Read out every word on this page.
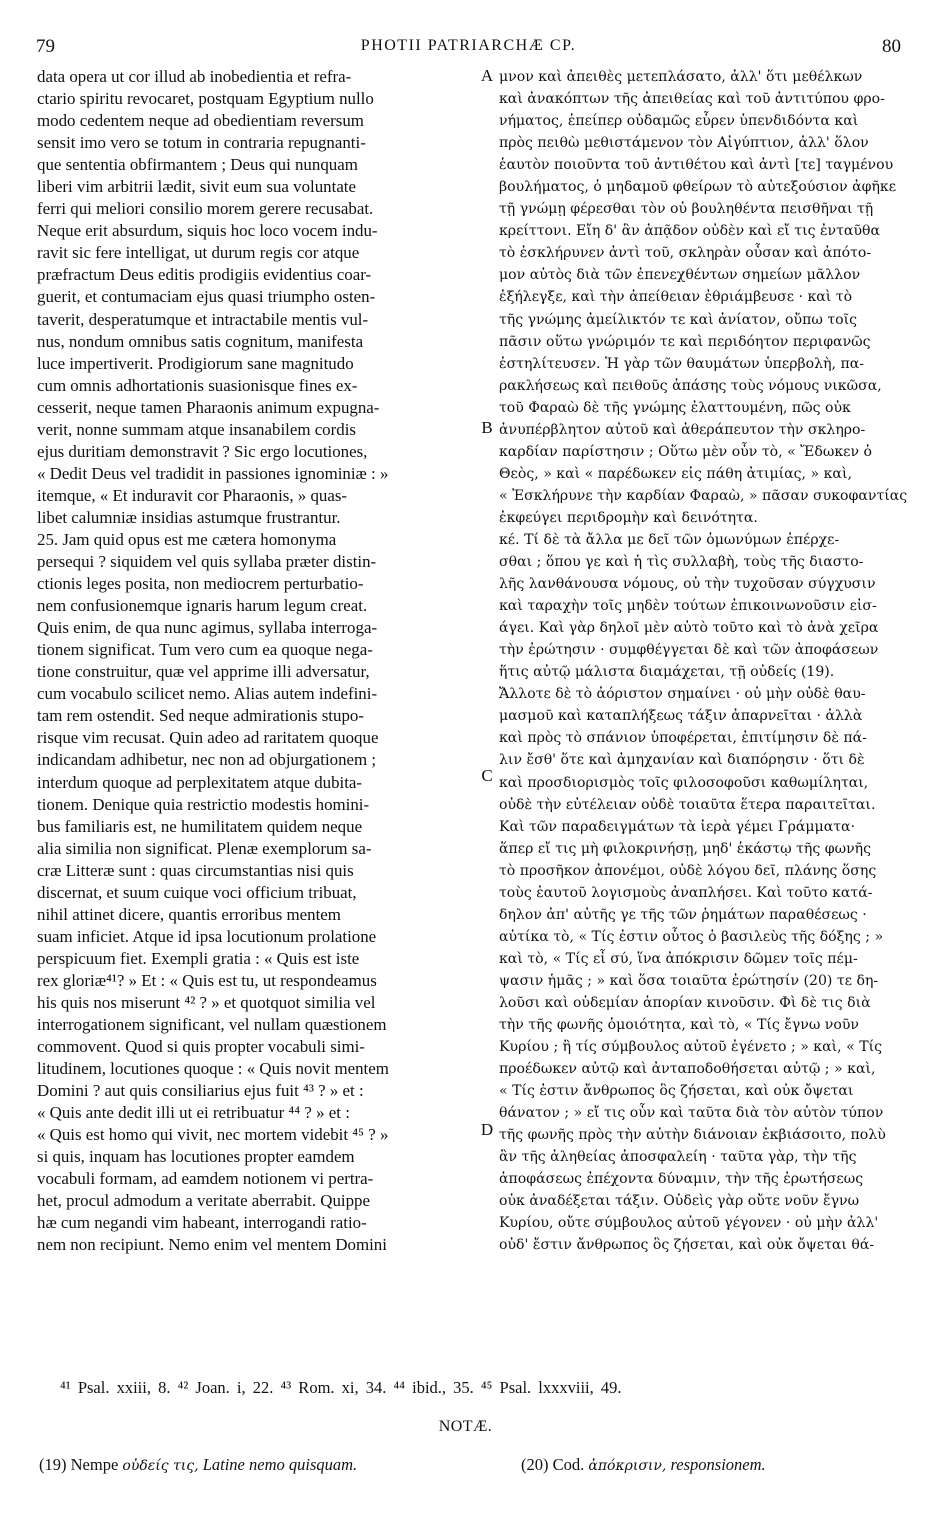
79	PHOTII PATRIARCHÆ CP.	80
data opera ut cor illud ab inobedientia et refra-
ctario spiritu revocaret, postquam Egyptium nullo
modo cedentem neque ad obedientiam reversum
sensit imo vero se totum in contraria repugnanti-
que sententia obfirmantem ; Deus qui nunquam
liberi vim arbitrii lædit, sivit eum sua voluntate
ferri qui meliori consilio morem gerere recusabat.
Neque erit absurdum, siquis hoc loco vocem indu-
ravit sic fere intelligat, ut durum regis cor atque
præfractum Deus editis prodigiis evidentius coar-
guerit, et contumaciam ejus quasi triumpho osten-
taverit, desperatumque et intractabile mentis vul-
nus, nondum omnibus satis cognitum, manifesta
luce impertiverit. Prodigiorum sane magnitudo
cum omnis adhortationis suasionisque fines ex-
cesserit, neque tamen Pharaonis animum expugna-
verit, nonne summam atque insanabilem cordis
ejus duritiam demonstravit ? Sic ergo locutiones,
« Dedit Deus vel tradidit in passiones ignominiæ : »
itemque, « Et induravit cor Pharaonis, » quas-
libet calumniæ insidias astumque frustrantur.
25. Jam quid opus est me cætera homonyma
persequi ? siquidem vel quis syllaba præter distin-
ctionis leges posita, non mediocrem perturbatio-
nem confusionemque ignaris harum legum creat.
Quis enim, de qua nunc agimus, syllaba interroga-
tionem significat. Tum vero cum ea quoque nega-
tione construitur, quæ vel apprime illi adversatur,
cum vocabulo scilicet nemo. Alias autem indefini-
tam rem ostendit. Sed neque admirationis stupo-
risque vim recusat. Quin adeo ad raritatem quoque
indicandam adhibetur, nec non ad objurgationem ;
interdum quoque ad perplexitatem atque dubita-
tionem. Denique quia restrictio modestis homini-
bus familiaris est, ne humilitatem quidem neque
alia similia non significat. Plenæ exemplorum sa-
cræ Litteræ sunt : quas circumstantias nisi quis
discernat, et suum cuique voci officium tribuat,
nihil attinet dicere, quantis erroribus mentem
suam inficiet. Atque id ipsa locutionum prolatione
perspicuum fiet. Exempli gratia : « Quis est iste
rex gloriæ⁴¹? » Et : « Quis est tu, ut respondeamus
his quis nos miserunt ⁴² ? » et quotquot similia vel
interrogationem significant, vel nullam quæstionem
commovent. Quod si quis propter vocabuli simi-
litudinem, locutiones quoque : « Quis novit mentem
Domini ? aut quis consiliarius ejus fuit ⁴³ ? » et :
« Quis ante dedit illi ut ei retribuatur ⁴⁴ ? » et :
« Quis est homo qui vivit, nec mortem videbit ⁴⁵ ? »
si quis, inquam has locutiones propter eamdem
vocabuli formam, ad eamdem notionem vi pertra-
het, procul admodum a veritate aberrabit. Quippe
hæ cum negandi vim habeant, interrogandi ratio-
nem non recipiunt. Nemo enim vel mentem Domini
μνον καὶ ἀπειθὲς μετεπλάσατο, ἀλλ' ὅτι μεθέλκων
καὶ ἀνακόπτων τῆς ἀπειθείας καὶ τοῦ ἀντιτύπου φρο-
νήματος, ἐπείπερ οὐδαμῶς εὗρεν ὑπενδιδόντα καὶ
πρὸς πειθὼ μεθιστάμενον τὸν Αἰγύπτιον, ἀλλ' ὅλον
ἑαυτὸν ποιοῦντα τοῦ ἀντιθέτου καὶ ἀντὶ [τε] ταγμένου
βουλήματος, ὁ μηδαμοῦ φθείρων τὸ αὐτεξούσιον ἀφῆκε
τῇ γνώμῃ φέρεσθαι τὸν οὐ βουληθέντα πεισθῆναι τῇ
κρείττονι. Εἴη δ' ἂν ἀπᾷδον οὐδὲν καὶ εἴ τις ἐνταῦθα
τὸ ἐσκλήρυνεν ἀντὶ τοῦ, σκληρὰν οὖσαν καὶ ἀπότο-
μον αὐτὸς διὰ τῶν ἐπενεχθέντων σημείων μᾶλλον
ἐξήλεγξε, καὶ τὴν ἀπείθειαν ἐθριάμβευσε · καὶ τὸ
τῆς γνώμης ἀμείλικτόν τε καὶ ἀνίατον, οὔπω τοῖς
πᾶσιν οὕτω γνώριμόν τε καὶ περιδόητον περιφανῶς
ἐστηλίτευσεν. Ἡ γὰρ τῶν θαυμάτων ὑπερβολὴ, πα-
ρακλήσεως καὶ πειθοῦς ἁπάσης τοὺς νόμους νικῶσα,
τοῦ Φαραὼ δὲ τῆς γνώμης ἐλαττουμένη, πῶς οὐκ
ἀνυπέρβλητον αὐτοῦ καὶ ἀθεράπευτον τὴν σκληρο-
καρδίαν παρίστησιν ; Οὕτω μὲν οὖν τὸ, « Ἔδωκεν ὁ
Θεὸς, » καὶ « παρέδωκεν εἰς πάθη ἀτιμίας, » καὶ,
« Ἐσκλήρυνε τὴν καρδίαν Φαραὼ, » πᾶσαν συκοφαντίας
ἐκφεύγει περιδρομὴν καὶ δεινότητα.
κέ. Τί δὲ τὰ ἄλλα με δεῖ τῶν ὁμωνύμων ἐπέρχε-
σθαι ; ὅπου γε καὶ ἡ τὶς συλλαβὴ, τοὺς τῆς διαστο-
λῆς λανθάνουσα νόμους, οὐ τὴν τυχοῦσαν σύγχυσιν
καὶ ταραχὴν τοῖς μηδὲν τούτων ἐπικοινωνοῦσιν εἰσ-
άγει. Καὶ γὰρ δηλοῖ μὲν αὐτὸ τοῦτο καὶ τὸ ἀνὰ χεῖρα
τὴν ἐρώτησιν · συμφθέγγεται δὲ καὶ τῶν ἀποφάσεων
ἥτις αὐτῷ μάλιστα διαμάχεται, τῇ οὐδείς (19).
Ἄλλοτε δὲ τὸ ἀόριστον σημαίνει · οὐ μὴν οὐδὲ θαυ-
μασμοῦ καὶ καταπλήξεως τάξιν ἀπαρνεῖται · ἀλλὰ
καὶ πρὸς τὸ σπάνιον ὑποφέρεται, ἐπιτίμησιν δὲ πά-
λιν ἔσθ' ὅτε καὶ ἀμηχανίαν καὶ διαπόρησιν · ὅτι δὲ
καὶ προσδιορισμὸς τοῖς φιλοσοφοῦσι καθωμίληται,
οὐδὲ τὴν εὐτέλειαν οὐδὲ τοιαῦτα ἕτερα παραιτεῖται.
Καὶ τῶν παραδειγμάτων τὰ ἱερὰ γέμει Γράμματα·
ἅπερ εἴ τις μὴ φιλοκρινήσῃ, μηδ' ἑκάστῳ τῆς φωνῆς
τὸ προσῆκον ἀπονέμοι, οὐδὲ λόγου δεῖ, πλάνης ὅσης
τοὺς ἑαυτοῦ λογισμοὺς ἀναπλήσει. Καὶ τοῦτο κατά-
δηλον ἀπ' αὐτῆς γε τῆς τῶν ῥημάτων παραθέσεως ·
αὐτίκα τὸ, « Τίς ἐστιν οὗτος ὁ βασιλεὺς τῆς δόξης ; »
καὶ τὸ, « Τίς εἶ σύ, ἵνα ἀπόκρισιν δῶμεν τοῖς πέμ-
ψασιν ἡμᾶς ; » καὶ ὅσα τοιαῦτα ἐρώτησίν (20) τε δη-
λοῦσι καὶ οὐδεμίαν ἀπορίαν κινοῦσιν. Φὶ δὲ τις διὰ
τὴν τῆς φωνῆς ὁμοιότητα, καὶ τὸ, « Τίς ἔγνω νοῦν
Κυρίου ; ἢ τίς σύμβουλος αὐτοῦ ἐγένετο ; » καὶ, « Τίς
προέδωκεν αὐτῷ καὶ ἀνταποδοθήσεται αὐτῷ ; » καὶ,
« Τίς ἐστιν ἄνθρωπος ὃς ζήσεται, καὶ οὐκ ὄψεται
θάνατον ; » εἴ τις οὖν καὶ ταῦτα διὰ τὸν αὐτὸν τύπον
τῆς φωνῆς πρὸς τὴν αὐτὴν διάνοιαν ἐκβιάσοιτο, πολὺ
ἂν τῆς ἀληθείας ἀποσφαλείη · ταῦτα γὰρ, τὴν τῆς
ἀποφάσεως ἐπέχοντα δύναμιν, τὴν τῆς ἐρωτήσεως
οὐκ ἀναδέξεται τάξιν. Οὐδεὶς γὰρ οὔτε νοῦν ἔγνω
Κυρίου, οὔτε σύμβουλος αὐτοῦ γέγονεν · οὐ μὴν ἀλλ'
οὐδ' ἔστιν ἄνθρωπος ὃς ζήσεται, καὶ οὐκ ὄψεται θά-
A
B
C
D
⁴¹ Psal. xxiii, 8. ⁴² Joan. i, 22. ⁴³ Rom. xi, 34. ⁴⁴ ibid., 35. ⁴⁵ Psal. lxxxviii, 49.
NOTÆ.
(19) Nempe οὐδείς τις, Latine nemo quisquam.	(20) Cod. ἀπόκρισιν, responsionem.
